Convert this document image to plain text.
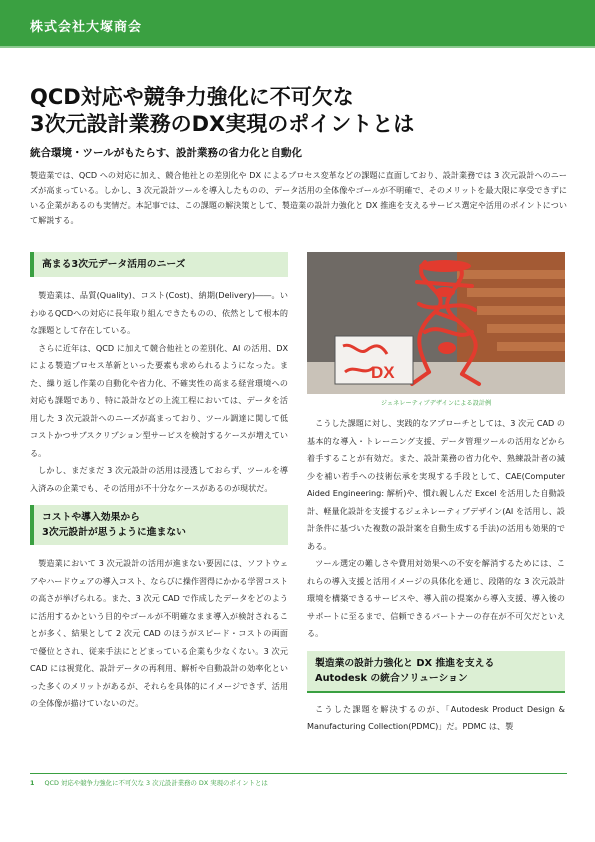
株式会社大塚商会
QCD対応や競争力強化に不可欠な
3次元設計業務のDX実現のポイントとは
統合環境・ツールがもたらす、設計業務の省力化と自動化
製造業では、QCD への対応に加え、競合他社との差別化や DX によるプロセス変革などの課題に直面しており、設計業務では 3 次元設計へのニーズが高まっている。しかし、3 次元設計ツールを導入したものの、データ活用の全体像やゴールが不明確で、そのメリットを最大限に享受できずにいる企業があるのも実情だ。本記事では、この課題の解決策として、製造業の設計力強化と DX 推進を支えるサービス選定や活用のポイントについて解説する。
高まる3次元データ活用のニーズ

製造業は、品質(Quality)、コスト(Cost)、納期(Delivery)――。いわゆるQCDへの対応に長年取り組んできたものの、依然として根本的な課題として存在している。

さらに近年は、QCD に加えて競合他社との差別化、AI の活用、DX による製造プロセス革新といった要素も求められるようになった。また、繰り返し作業の自動化や省力化、不確実性の高まる経営環境への対応も課題であり、特に設計などの上流工程においては、データを活用した 3 次元設計へのニーズが高まっており、ツール調達に関して低コストかつサブスクリプション型サービスを検討するケースが増えている。

しかし、まだまだ 3 次元設計の活用は浸透しておらず、ツールを導入済みの企業でも、その活用が不十分なケースがあるのが現状だ。

コストや導入効果から
3次元設計が思うように進まない

製造業において 3 次元設計の活用が進まない要因には、ソフトウェアやハードウェアの導入コスト、ならびに操作習得にかかる学習コストの高さが挙げられる。また、3 次元 CAD で作成したデータをどのように活用するかという目的やゴールが不明確なまま導入が検討されることが多く、結果として 2 次元 CAD のほうがスピード・コストの両面で優位とされ、従来手法にとどまっている企業も少なくない。3 次元 CAD には視覚化、設計データの再利用、解析や自動設計の効率化といった多くのメリットがあるが、それらを具体的にイメージできず、活用の全体像が描けていないのだ。

DX
ジェネレーティブデザインによる設計例

こうした課題に対し、実践的なアプローチとしては、3 次元 CAD の基本的な導入・トレーニング支援、データ管理ツールの活用などから着手することが有効だ。また、設計業務の省力化や、熟練設計者の減少を補い若手への技術伝承を実現する手段として、CAE(Computer Aided Engineering: 解析)や、慣れ親しんだ Excel を活用した自動設計、軽量化設計を支援するジェネレーティブデザイン(AI を活用し、設計条件に基づいた複数の設計案を自動生成する手法)の活用も効果的である。

ツール選定の難しさや費用対効果への不安を解消するためには、これらの導入支援と活用イメージの具体化を通じ、段階的な 3 次元設計環境を構築できるサービスや、導入前の提案から導入支援、導入後のサポートに至るまで、信頼できるパートナーの存在が不可欠だといえる。

製造業の設計力強化と DX 推進を支える
Autodesk の統合ソリューション

こうした課題を解決するのが、「Autodesk Product Design & Manufacturing Collection(PDMC)」だ。PDMC は、製

1 QCD 対応や競争力強化に不可欠な 3 次元設計業務の DX 実現のポイントとは
